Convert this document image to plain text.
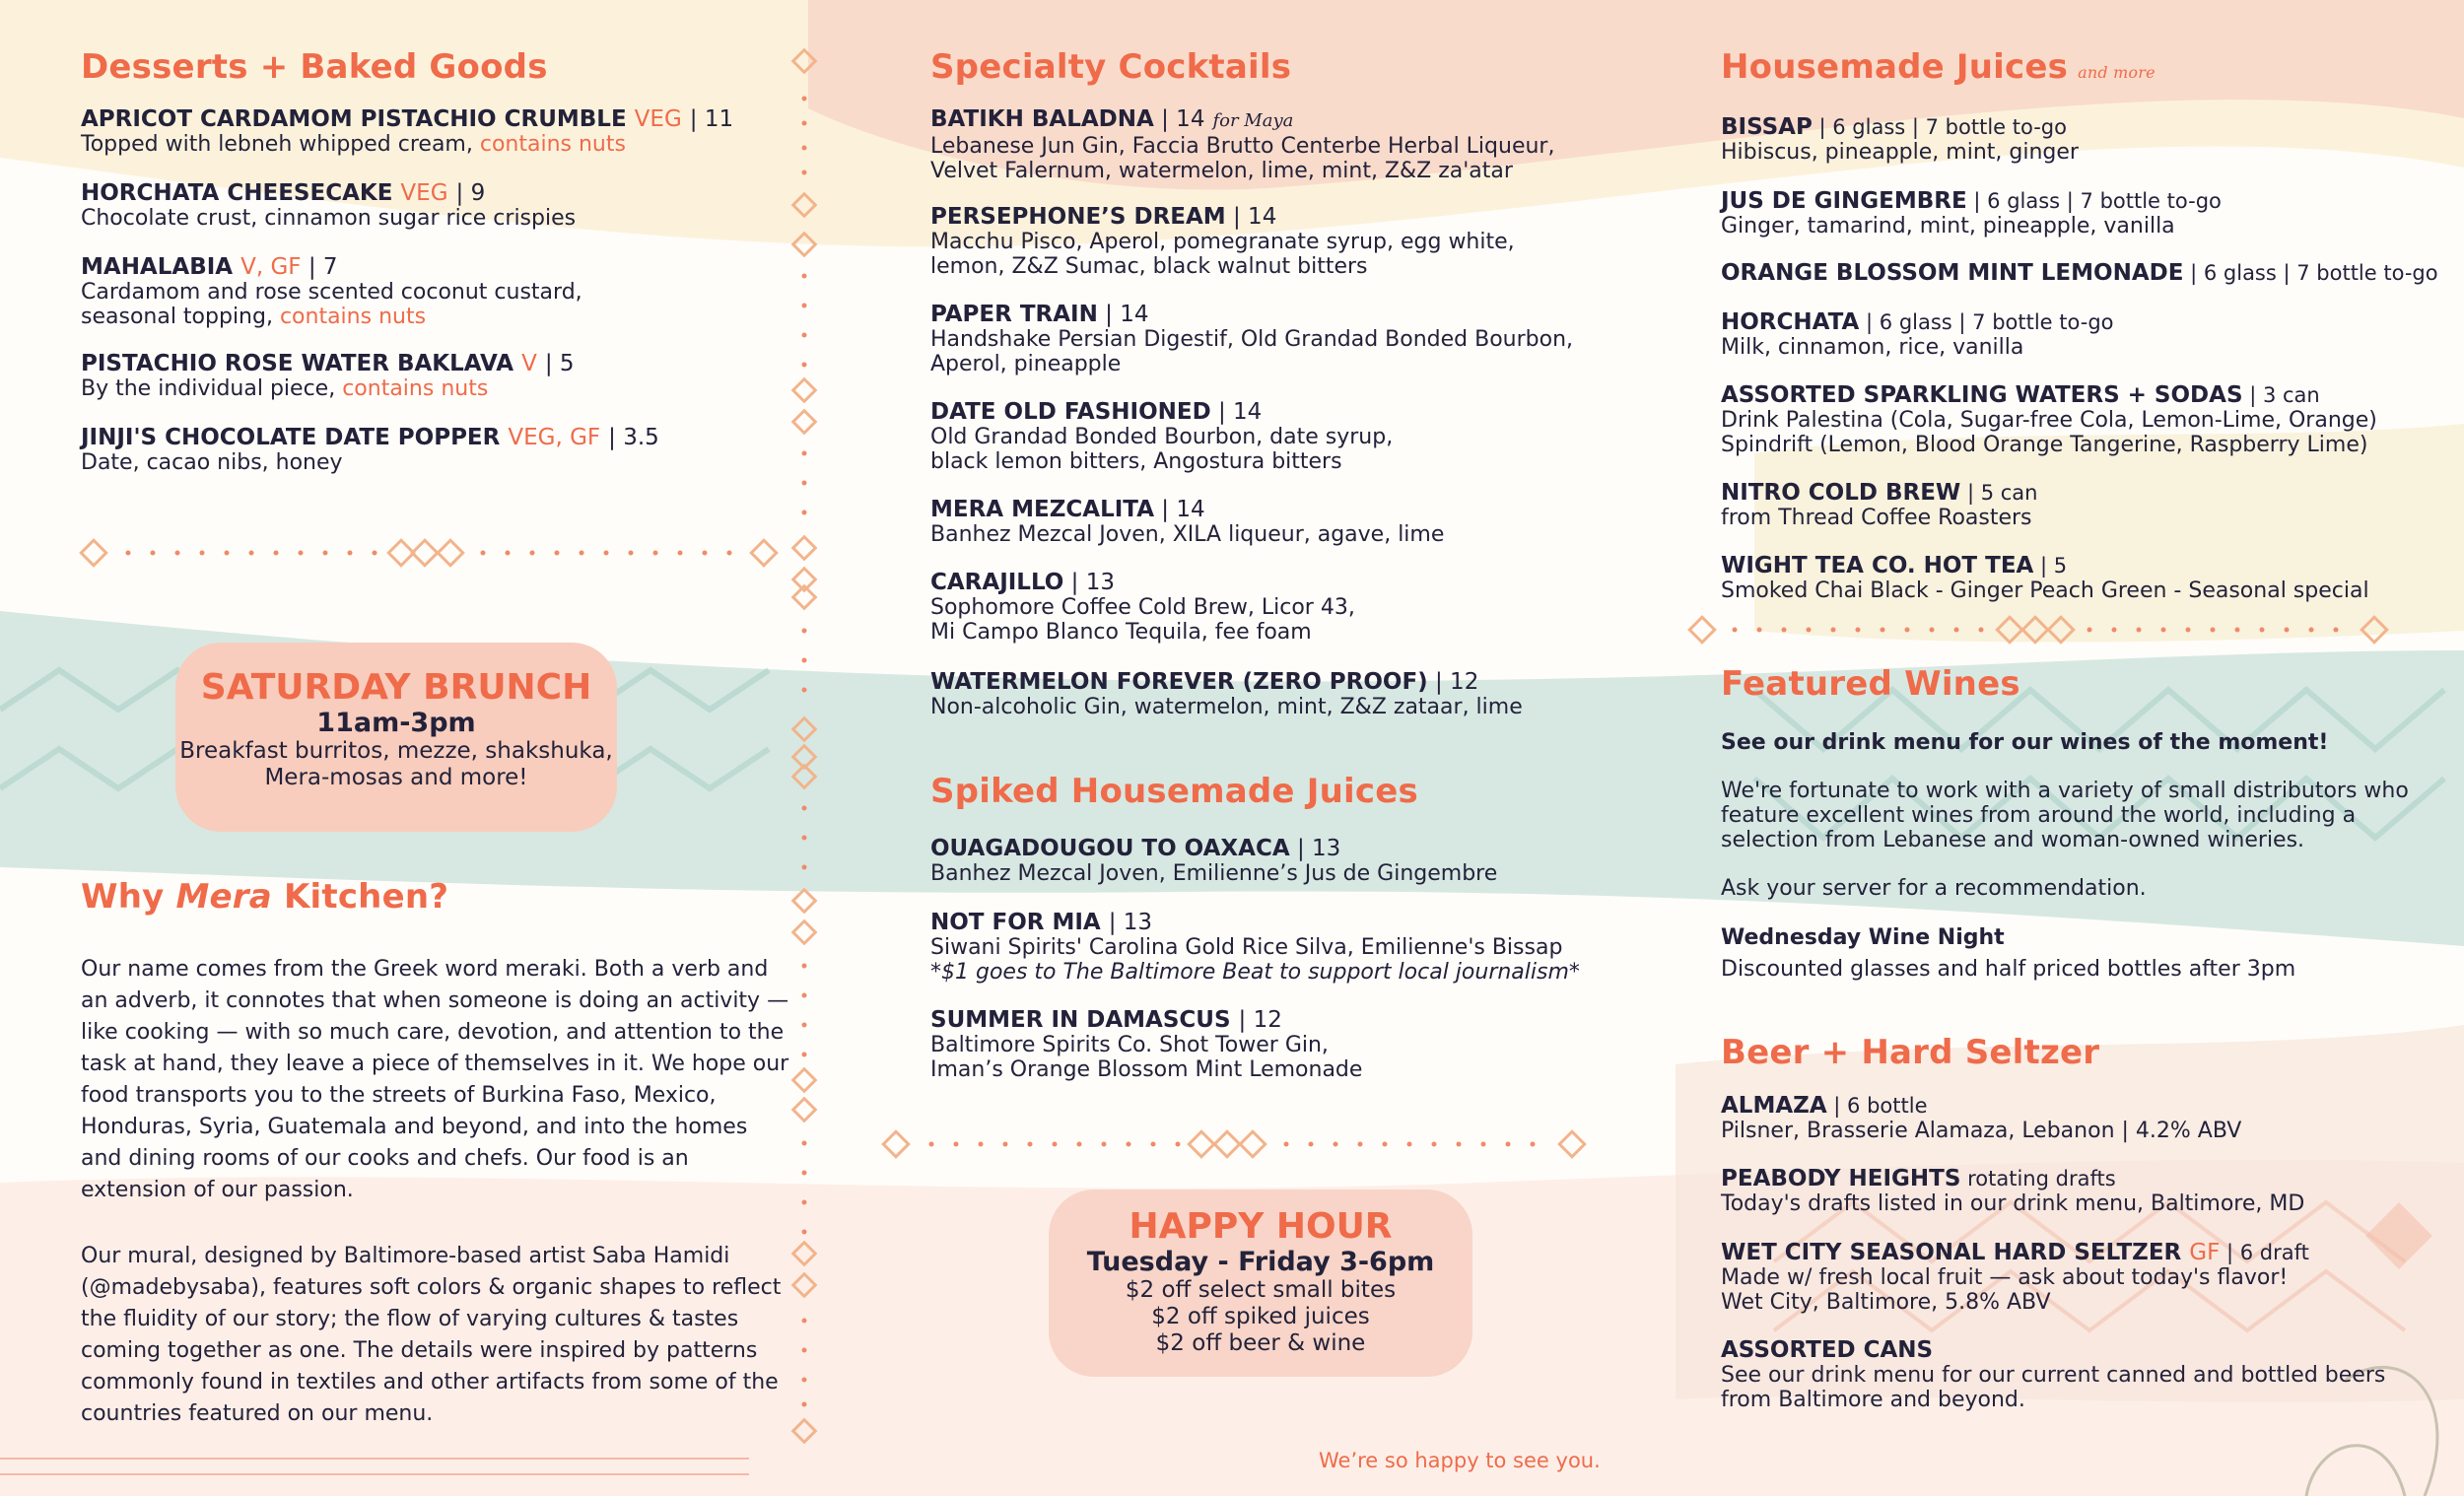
Desserts + Baked Goods
APRICOT CARDAMOM PISTACHIO CRUMBLE VEG | 11
Topped with lebneh whipped cream, contains nuts
HORCHATA CHEESECAKE VEG | 9
Chocolate crust, cinnamon sugar rice crispies
MAHALABIA V, GF | 7
Cardamom and rose scented coconut custard,
seasonal topping, contains nuts
PISTACHIO ROSE WATER BAKLAVA V | 5
By the individual piece, contains nuts
JINJI'S CHOCOLATE DATE POPPER VEG, GF | 3.5
Date, cacao nibs, honey
Why Mera Kitchen?
Our name comes from the Greek word meraki. Both a verb and an adverb, it connotes that when someone is doing an activity — like cooking — with so much care, devotion, and attention to the task at hand, they leave a piece of themselves in it. We hope our food transports you to the streets of Burkina Faso, Mexico, Honduras, Syria, Guatemala and beyond, and into the homes and dining rooms of our cooks and chefs. Our food is an extension of our passion.
Our mural, designed by Baltimore-based artist Saba Hamidi (@madebysaba), features soft colors & organic shapes to reflect the fluidity of our story; the flow of varying cultures & tastes coming together as one. The details were inspired by patterns commonly found in textiles and other artifacts from some of the countries featured on our menu.
SATURDAY BRUNCH
11am-3pm
Breakfast burritos, mezze, shakshuka,
Mera-mosas and more!
Specialty Cocktails
BATIKH BALADNA | 14 for Maya
Lebanese Jun Gin, Faccia Brutto Centerbe Herbal Liqueur,
Velvet Falernum, watermelon, lime, mint, Z&Z za'atar
PERSEPHONE’S DREAM | 14
Macchu Pisco, Aperol, pomegranate syrup, egg white,
lemon, Z&Z Sumac, black walnut bitters
PAPER TRAIN | 14
Handshake Persian Digestif, Old Grandad Bonded Bourbon,
Aperol, pineapple
DATE OLD FASHIONED | 14
Old Grandad Bonded Bourbon, date syrup,
black lemon bitters, Angostura bitters
MERA MEZCALITA | 14
Banhez Mezcal Joven, XILA liqueur, agave, lime
CARAJILLO | 13
Sophomore Coffee Cold Brew, Licor 43,
Mi Campo Blanco Tequila, fee foam
WATERMELON FOREVER (ZERO PROOF) | 12
Non-alcoholic Gin, watermelon, mint, Z&Z zataar, lime
Spiked Housemade Juices
OUAGADOUGOU TO OAXACA | 13
Banhez Mezcal Joven, Emilienne’s Jus de Gingembre
NOT FOR MIA | 13
Siwani Spirits' Carolina Gold Rice Silva, Emilienne's Bissap
*$1 goes to The Baltimore Beat to support local journalism*
SUMMER IN DAMASCUS | 12
Baltimore Spirits Co. Shot Tower Gin,
Iman’s Orange Blossom Mint Lemonade
HAPPY HOUR
Tuesday - Friday 3-6pm
$2 off select small bites
$2 off spiked juices
$2 off beer & wine
We’re so happy to see you.
Housemade Juices and more
BISSAP | 6 glass | 7 bottle to-go
Hibiscus, pineapple, mint, ginger
JUS DE GINGEMBRE | 6 glass | 7 bottle to-go
Ginger, tamarind, mint, pineapple, vanilla
ORANGE BLOSSOM MINT LEMONADE | 6 glass | 7 bottle to-go
HORCHATA | 6 glass | 7 bottle to-go
Milk, cinnamon, rice, vanilla
ASSORTED SPARKLING WATERS + SODAS | 3 can
Drink Palestina (Cola, Sugar-free Cola, Lemon-Lime, Orange)
Spindrift (Lemon, Blood Orange Tangerine, Raspberry Lime)
NITRO COLD BREW | 5 can
from Thread Coffee Roasters
WIGHT TEA CO. HOT TEA | 5
Smoked Chai Black - Ginger Peach Green - Seasonal special
Featured Wines
See our drink menu for our wines of the moment!
We're fortunate to work with a variety of small distributors who feature excellent wines from around the world, including a selection from Lebanese and woman-owned wineries.
Ask your server for a recommendation.
Wednesday Wine Night
Discounted glasses and half priced bottles after 3pm
Beer + Hard Seltzer
ALMAZA | 6 bottle
Pilsner, Brasserie Alamaza, Lebanon | 4.2% ABV
PEABODY HEIGHTS rotating drafts
Today's drafts listed in our drink menu, Baltimore, MD
WET CITY SEASONAL HARD SELTZER GF | 6 draft
Made w/ fresh local fruit — ask about today's flavor!
Wet City, Baltimore, 5.8% ABV
ASSORTED CANS
See our drink menu for our current canned and bottled beers
from Baltimore and beyond.
